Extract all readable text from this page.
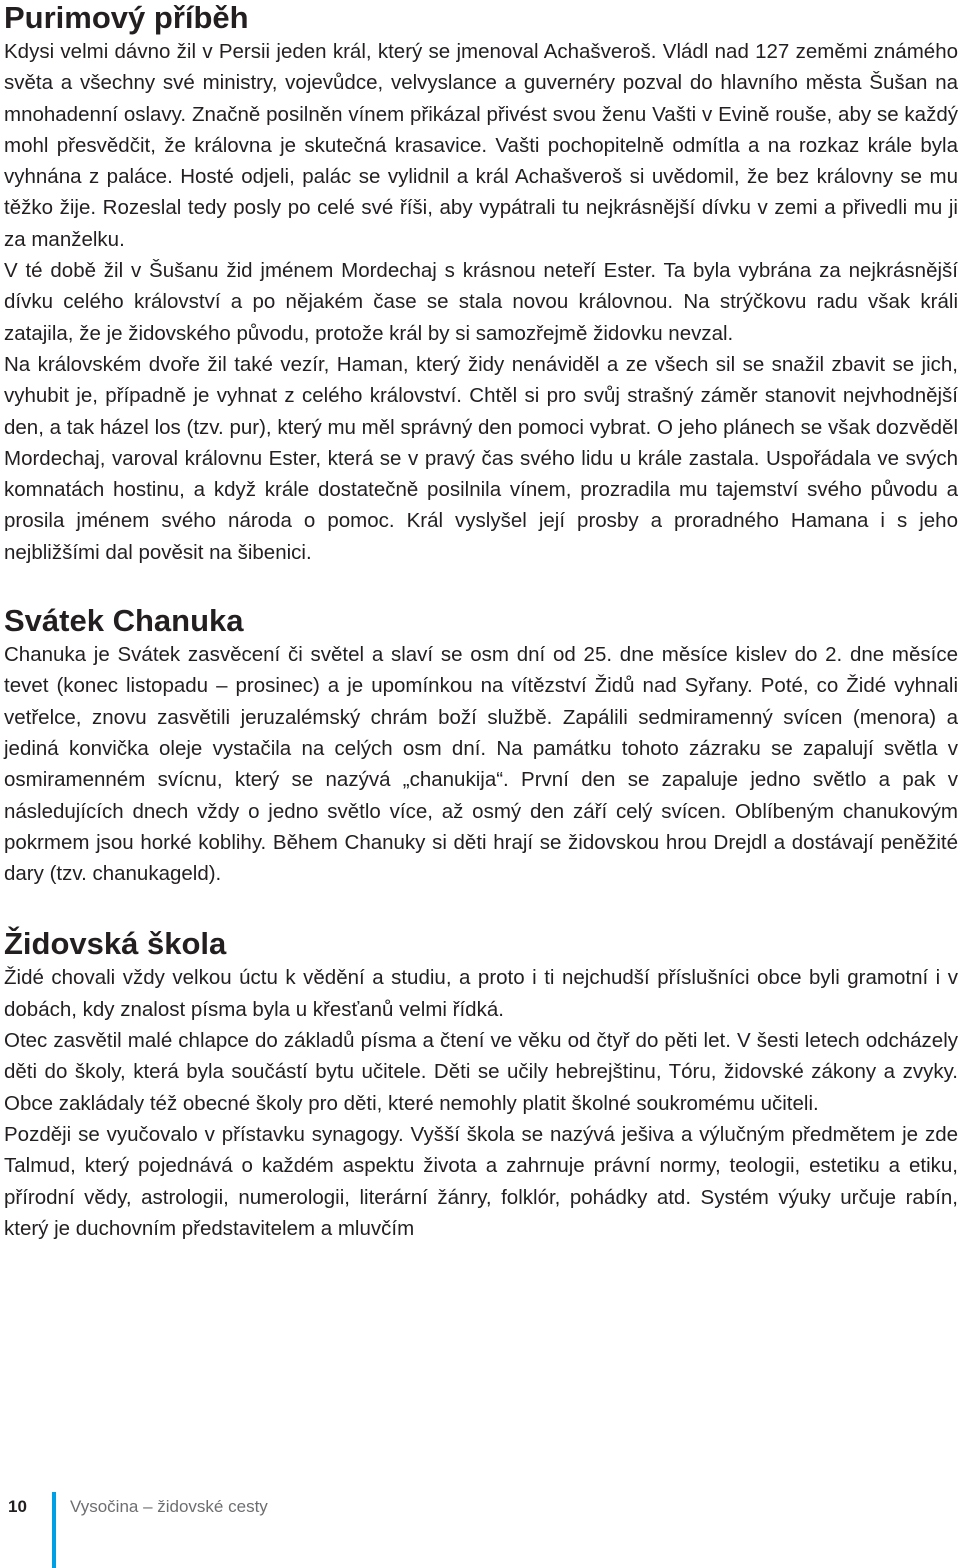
Purimový příběh

Kdysi velmi dávno žil v Persii jeden král, který se jmenoval Achašveroš. Vládl nad 127 zeměmi známého světa a všechny své ministry, vojevůdce, velvyslance a guvernéry pozval do hlavního města Šušan na mnohadenní oslavy. Značně posilněn vínem přikázal přivést svou ženu Vašti v Evině rouše, aby se každý mohl přesvědčit, že královna je skutečná krasavice. Vašti pochopitelně odmítla a na rozkaz krále byla vyhnána z paláce. Hosté odjeli, palác se vylidnil a král Achašveroš si uvědomil, že bez královny se mu těžko žije. Rozeslal tedy posly po celé své říši, aby vypátrali tu nejkrásnější dívku v zemi a přivedli mu ji za manželku.

V té době žil v Šušanu žid jménem Mordechaj s krásnou neteří Ester. Ta byla vybrána za nejkrásnější dívku celého království a po nějakém čase se stala novou královnou. Na strýčkovu radu však králi zatajila, že je židovského původu, protože král by si samozřejmě židovku nevzal.

Na královském dvoře žil také vezír, Haman, který židy nenáviděl a ze všech sil se snažil zbavit se jich, vyhubit je, případně je vyhnat z celého království. Chtěl si pro svůj strašný záměr stanovit nejvhodnější den, a tak házel los (tzv. pur), který mu měl správný den pomoci vybrat. O jeho plánech se však dozvěděl Mordechaj, varoval královnu Ester, která se v pravý čas svého lidu u krále zastala. Uspořádala ve svých komnatách hostinu, a když krále dostatečně posilnila vínem, prozradila mu tajemství svého původu a prosila jménem svého národa o pomoc. Král vyslyšel její prosby a proradného Hamana i s jeho nejbližšími dal pověsit na šibenici.

Svátek Chanuka

Chanuka je Svátek zasvěcení či světel a slaví se osm dní od 25. dne měsíce kislev do 2. dne měsíce tevet (konec listopadu – prosinec) a je upomínkou na vítězství Židů nad Syřany. Poté, co Židé vyhnali vetřelce, znovu zasvětili jeruzalémský chrám boží službě. Zapálili sedmiramenný svícen (menora) a jediná konvička oleje vystačila na celých osm dní. Na památku tohoto zázraku se zapalují světla v osmiramenném svícnu, který se nazývá „chanukija“. První den se zapaluje jedno světlo a pak v následujících dnech vždy o jedno světlo více, až osmý den září celý svícen. Oblíbeným chanukovým pokrmem jsou horké koblihy. Během Chanuky si děti hrají se židovskou hrou Drejdl a dostávají peněžité dary (tzv. chanukageld).

Židovská škola

Židé chovali vždy velkou úctu k vědění a studiu, a proto i ti nejchudší příslušníci obce byli gramotní i v dobách, kdy znalost písma byla u křesťanů velmi řídká.

Otec zasvětil malé chlapce do základů písma a čtení ve věku od čtyř do pěti let. V šesti letech odcházely děti do školy, která byla součástí bytu učitele. Děti se učily hebrejštinu, Tóru, židovské zákony a zvyky. Obce zakládaly též obecné školy pro děti, které nemohly platit školné soukromému učiteli.

Později se vyučovalo v přístavku synagogy. Vyšší škola se nazývá ješiva a výlučným předmětem je zde Talmud, který pojednává o každém aspektu života a zahrnuje právní normy, teologii, estetiku a etiku, přírodní vědy, astrologii, numerologii, literární žánry, folklór, pohádky atd. Systém výuky určuje rabín, který je duchovním představitelem a mluvčím

10	Vysočina – židovské cesty
